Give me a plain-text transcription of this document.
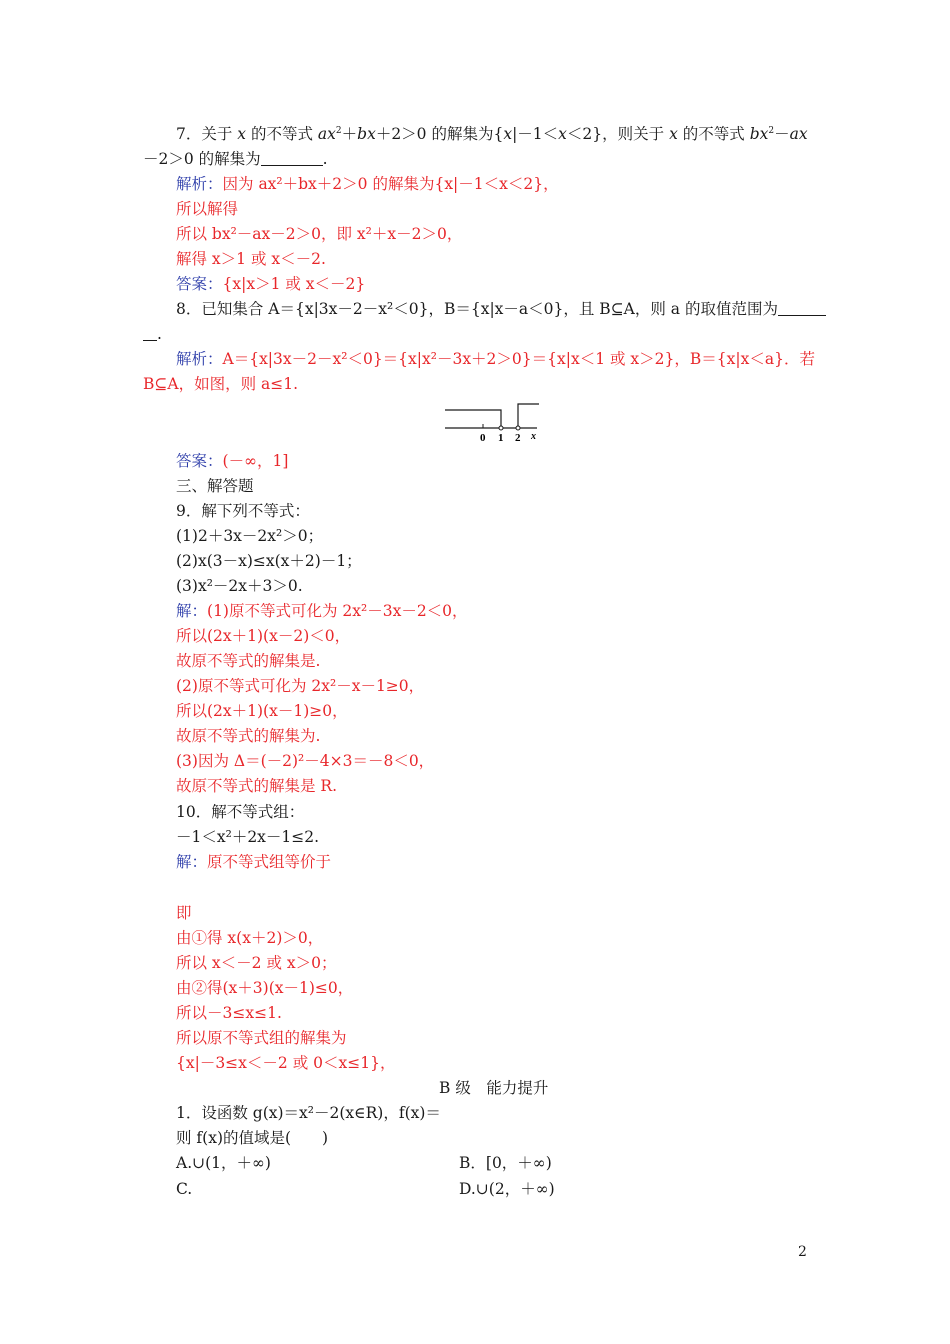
7．关于 x 的不等式 $ax^2+bx+2>0$ 的解集为{x|－1＜x＜2}，则关于 x 的不等式 $bx^2-ax$
－2＞0 的解集为	.
解析：因为 ax²＋bx＋2＞0 的解集为{x|－1＜x＜2}，
所以解得
所以 bx²－ax－2＞0，即 x²＋x－2＞0，
解得 x＞1 或 x＜－2.
答案：{x|x＞1 或 x＜－2}
8．已知集合 A＝{x|3x－2－x²＜0}，B＝{x|x－a＜0}，且 B⊆A，则 a 的取值范围为
.
解析：A＝{x|3x－2－x²＜0}＝{x|x²－3x＋2＞0}＝{x|x＜1 或 x＞2}，B＝{x|x＜a}．若
B⊆A，如图，则 a≤1.
0 1 2 x
答案：(－∞，1]
三、解答题
9．解下列不等式：
(1)2＋3x－2x²＞0；
(2)x(3－x)≤x(x＋2)－1；
(3)x²－2x＋3＞0.
解：(1)原不等式可化为 2x²－3x－2＜0，
所以(2x＋1)(x－2)＜0，
故原不等式的解集是.
(2)原不等式可化为 2x²－x－1≥0，
所以(2x＋1)(x－1)≥0，
故原不等式的解集为.
(3)因为 Δ＝(－2)²－4×3＝－8＜0，
故原不等式的解集是 R.
10．解不等式组：
－1＜x²＋2x－1≤2.
解：原不等式组等价于
即
由①得 x(x＋2)＞0，
所以 x＜－2 或 x＞0；
由②得(x＋3)(x－1)≤0，
所以－3≤x≤1.
所以原不等式组的解集为
{x|－3≤x＜－2 或 0＜x≤1}，
B 级　能力提升
1．设函数 g(x)＝x²－2(x∈R)，f(x)＝
则 f(x)的值域是(　　)
A.∪(1，＋∞)	B．[0，＋∞)
C.	D.∪(2，＋∞)
2
